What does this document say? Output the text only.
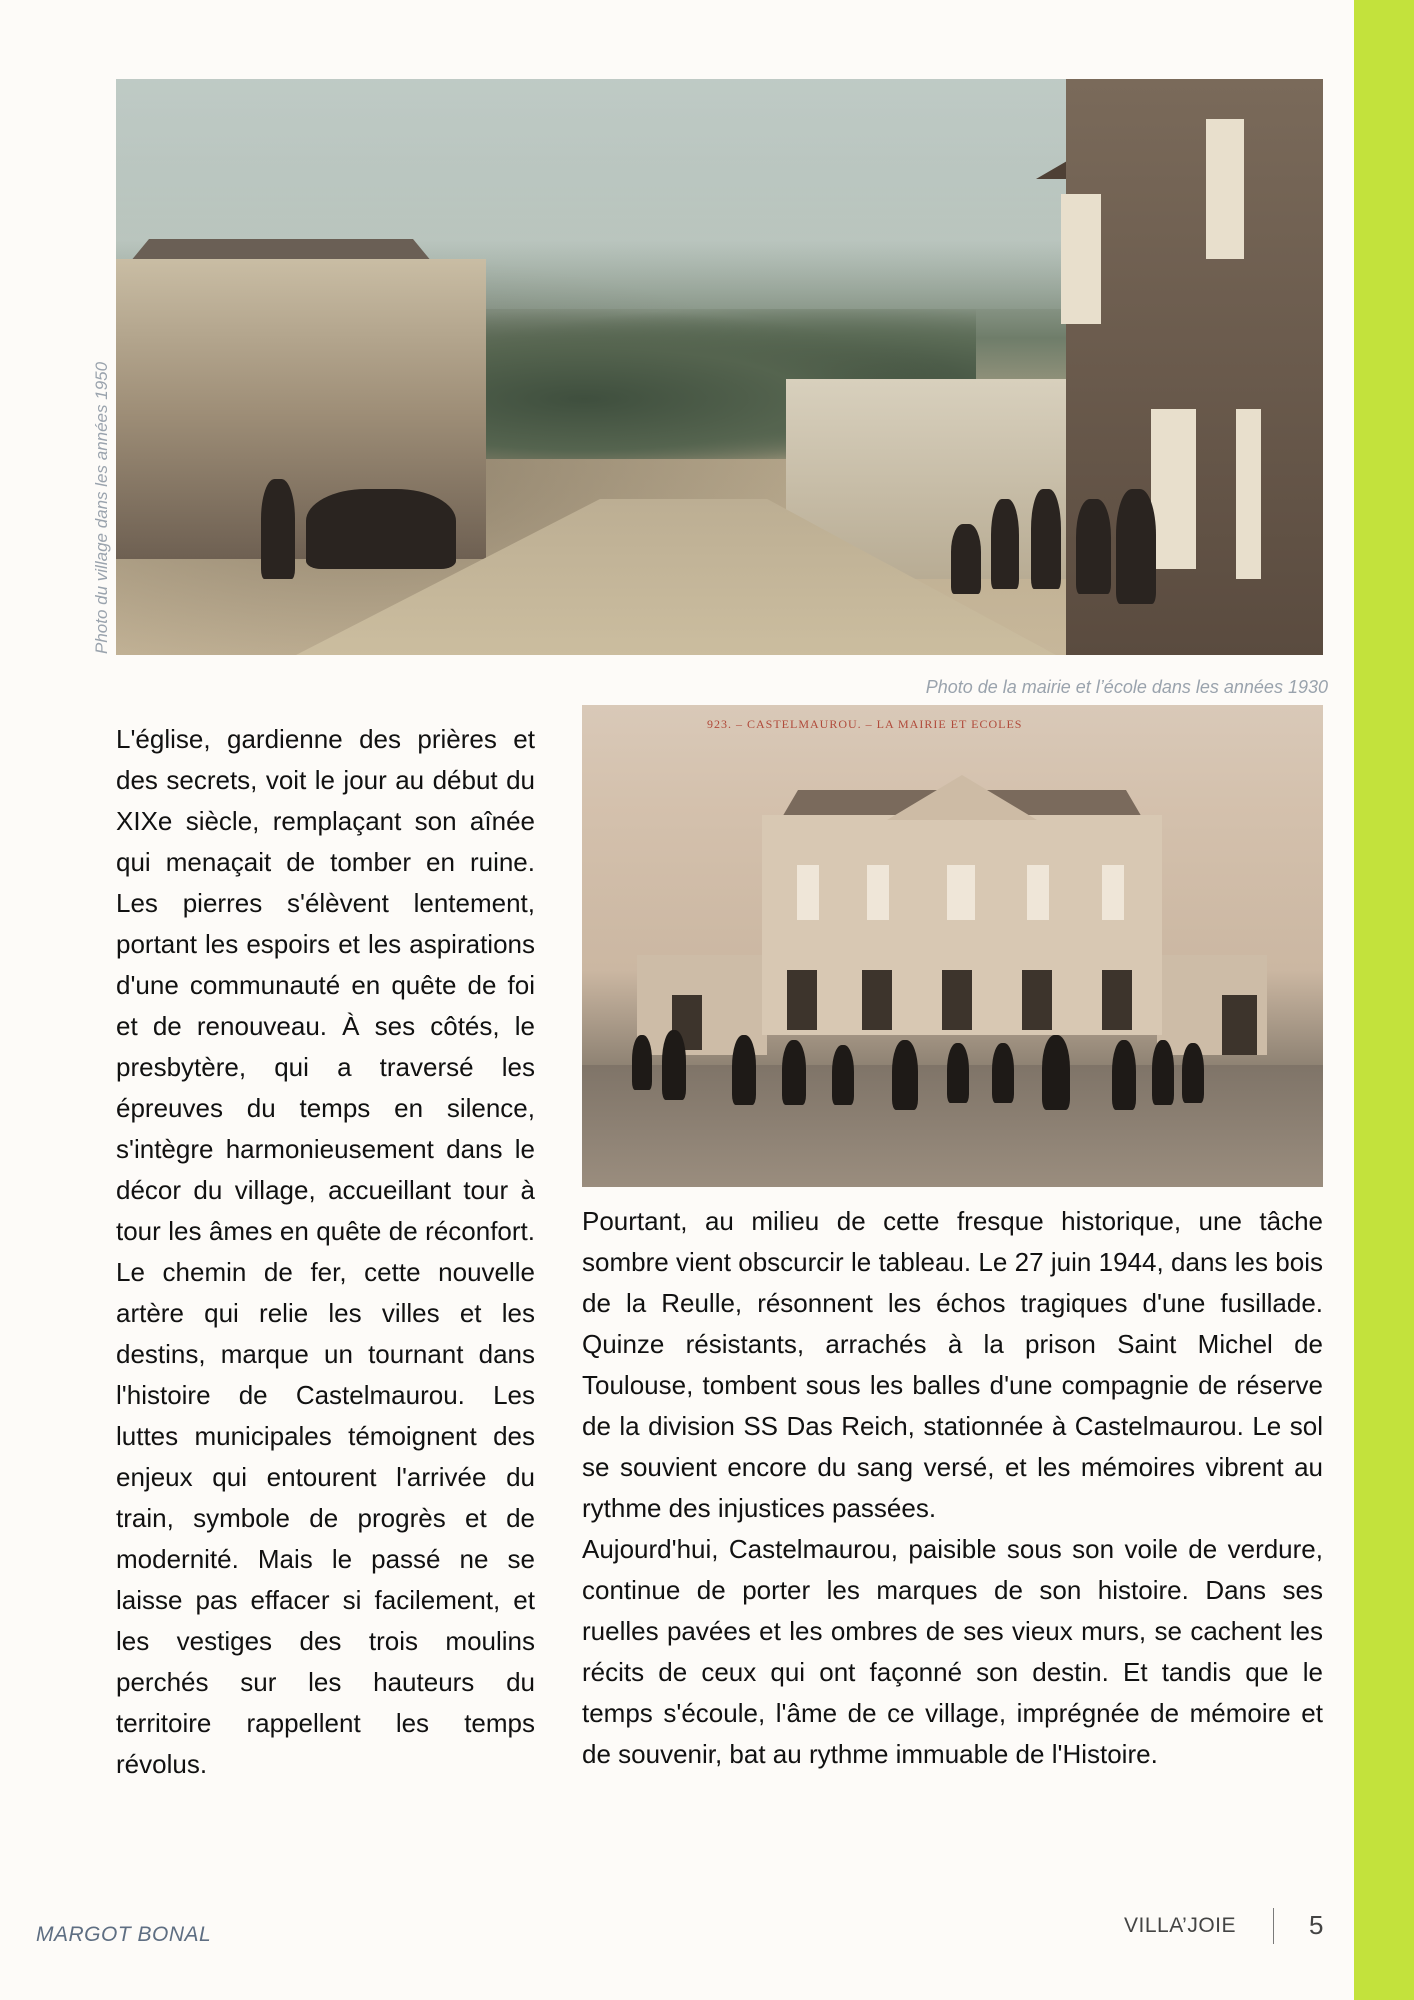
Photo du village dans les années 1950
Photo de la mairie et l’école dans les années 1930
923. – CASTELMAUROU. – LA MAIRIE ET ECOLES

L'église, gardienne des prières et des secrets, voit le jour au début du XIXe siècle, remplaçant son aînée qui menaçait de tomber en ruine. Les pierres s'élèvent lentement, portant les espoirs et les aspirations d'une communauté en quête de foi et de renouveau. À ses côtés, le presbytère, qui a traversé les épreuves du temps en silence, s'intègre harmonieusement dans le décor du village, accueillant tour à tour les âmes en quête de réconfort. Le chemin de fer, cette nouvelle artère qui relie les villes et les destins, marque un tournant dans l'histoire de Castelmaurou. Les luttes municipales témoignent des enjeux qui entourent l'arrivée du train, symbole de progrès et de modernité. Mais le passé ne se laisse pas effacer si facilement, et les vestiges des trois moulins perchés sur les hauteurs du territoire rappellent les temps révolus.

Pourtant, au milieu de cette fresque historique, une tâche sombre vient obscurcir le tableau. Le 27 juin 1944, dans les bois de la Reulle, résonnent les échos tragiques d'une fusillade. Quinze résistants, arrachés à la prison Saint Michel de Toulouse, tombent sous les balles d'une compagnie de réserve de la division SS Das Reich, stationnée à Castelmaurou. Le sol se souvient encore du sang versé, et les mémoires vibrent au rythme des injustices passées.

Aujourd'hui, Castelmaurou, paisible sous son voile de verdure, continue de porter les marques de son histoire. Dans ses ruelles pavées et les ombres de ses vieux murs, se cachent les récits de ceux qui ont façonné son destin. Et tandis que le temps s'écoule, l'âme de ce village, imprégnée de mémoire et de souvenir, bat au rythme immuable de l'Histoire.

MARGOT BONAL	VILLA’JOIE	5
